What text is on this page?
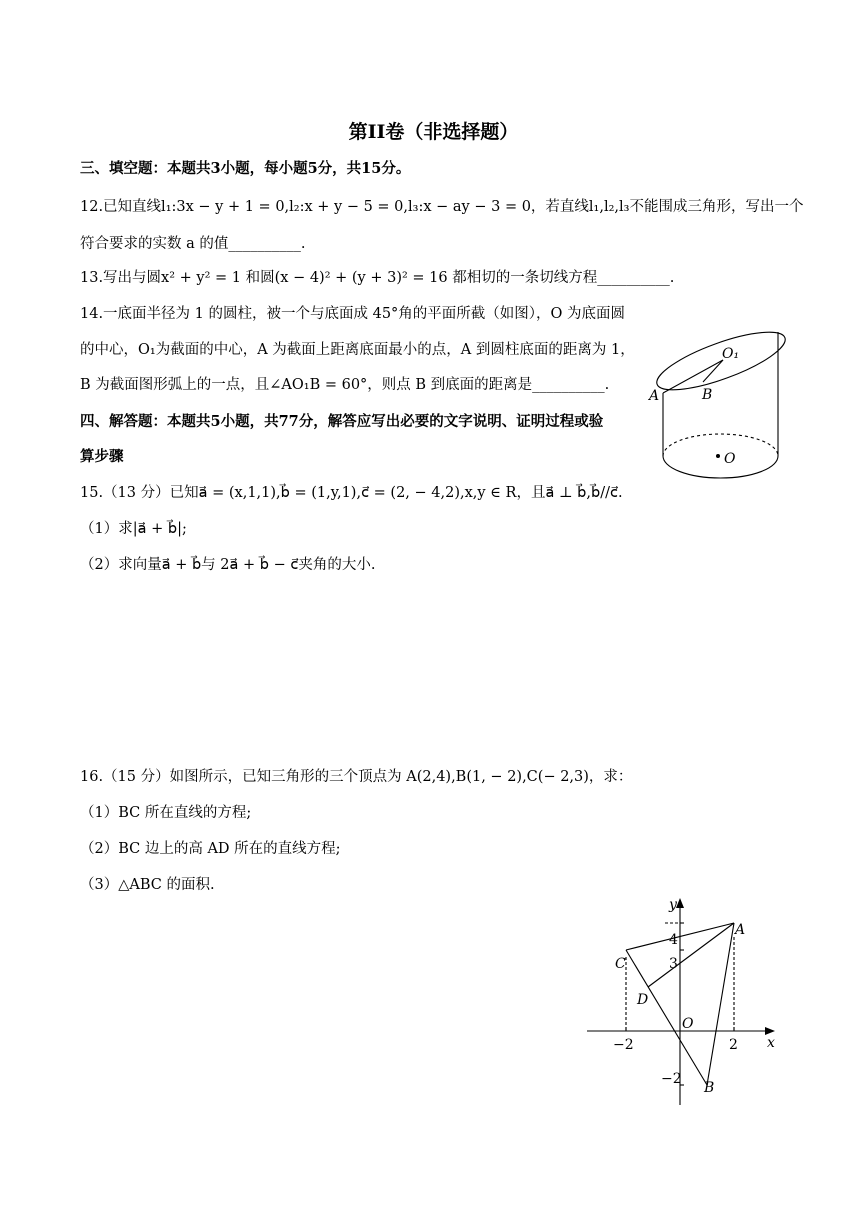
第II卷（非选择题）
三、填空题：本题共3小题，每小题5分，共15分。
12.已知直线l₁:3x − y + 1 = 0,l₂:x + y − 5 = 0,l₃:x − ay − 3 = 0，若直线l₁,l₂,l₃不能围成三角形，写出一个
符合要求的实数 a 的值__________.
13.写出与圆x² + y² = 1 和圆(x − 4)² + (y + 3)² = 16 都相切的一条切线方程__________.
14.一底面半径为 1 的圆柱，被一个与底面成 45°角的平面所截（如图），O 为底面圆
的中心，O₁为截面的中心，A 为截面上距离底面最小的点，A 到圆柱底面的距离为 1，
B 为截面图形弧上的一点，且∠AO₁B = 60°，则点 B 到底面的距离是__________.
四、解答题：本题共5小题，共77分，解答应写出必要的文字说明、证明过程或验
算步骤
O₁
A	B
O
15.（13 分）已知a⃗ = (x,1,1),b⃗ = (1,y,1),c⃗ = (2, − 4,2),x,y ∈ R，且a⃗ ⊥ b⃗,b⃗//c⃗.
（1）求|a⃗ + b⃗|;
（2）求向量a⃗ + b⃗与 2a⃗ + b⃗ − c⃗夹角的大小.
16.（15 分）如图所示，已知三角形的三个顶点为 A(2,4),B(1, − 2),C(− 2,3)，求：
（1）BC 所在直线的方程;
（2）BC 边上的高 AD 所在的直线方程;
（3）△ABC 的面积.
y
x
O
−2	2
4
3
−2
A
B
C
D
